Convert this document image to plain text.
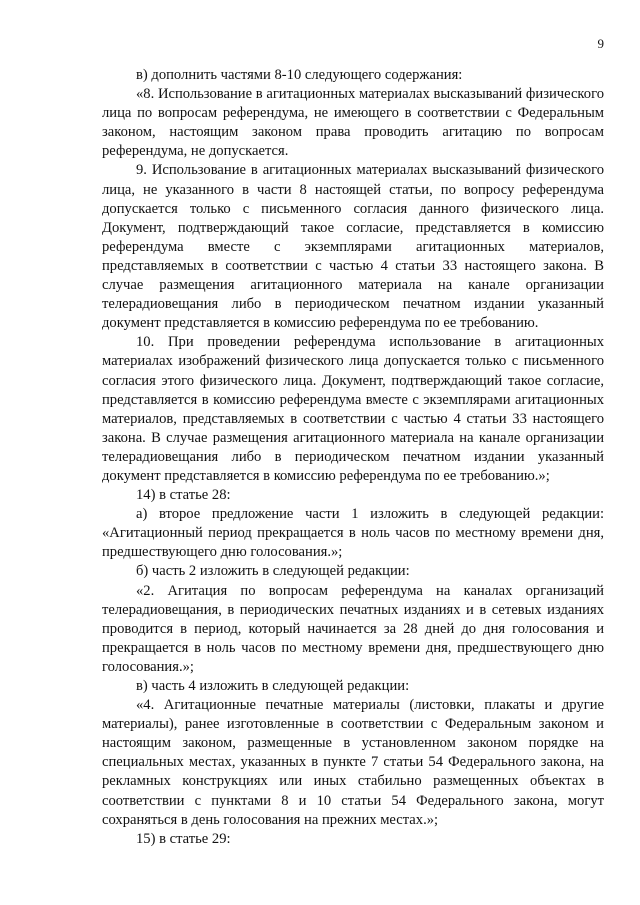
9

в) дополнить частями 8-10 следующего содержания:

«8. Использование в агитационных материалах высказываний физического лица по вопросам референдума, не имеющего в соответствии с Федеральным законом, настоящим законом права проводить агитацию по вопросам референдума, не допускается.

9. Использование в агитационных материалах высказываний физического лица, не указанного в части 8 настоящей статьи, по вопросу референдума допускается только с письменного согласия данного физического лица. Документ, подтверждающий такое согласие, представляется в комиссию референдума вместе с экземплярами агитационных материалов, представляемых в соответствии с частью 4 статьи 33 настоящего закона. В случае размещения агитационного материала на канале организации телерадиовещания либо в периодическом печатном издании указанный документ представляется в комиссию референдума по ее требованию.

10. При проведении референдума использование в агитационных материалах изображений физического лица допускается только с письменного согласия этого физического лица. Документ, подтверждающий такое согласие, представляется в комиссию референдума вместе с экземплярами агитационных материалов, представляемых в соответствии с частью 4 статьи 33 настоящего закона. В случае размещения агитационного материала на канале организации телерадиовещания либо в периодическом печатном издании указанный документ представляется в комиссию референдума по ее требованию.»;

14) в статье 28:

а) второе предложение части 1 изложить в следующей редакции: «Агитационный период прекращается в ноль часов по местному времени дня, предшествующего дню голосования.»;

б) часть 2 изложить в следующей редакции:

«2. Агитация по вопросам референдума на каналах организаций телерадиовещания, в периодических печатных изданиях и в сетевых изданиях проводится в период, который начинается за 28 дней до дня голосования и прекращается в ноль часов по местному времени дня, предшествующего дню голосования.»;

в) часть 4 изложить в следующей редакции:

«4. Агитационные печатные материалы (листовки, плакаты и другие материалы), ранее изготовленные в соответствии с Федеральным законом и настоящим законом, размещенные в установленном законом порядке на специальных местах, указанных в пункте 7 статьи 54 Федерального закона, на рекламных конструкциях или иных стабильно размещенных объектах в соответствии с пунктами 8 и 10 статьи 54 Федерального закона, могут сохраняться в день голосования на прежних местах.»;

15) в статье 29:
